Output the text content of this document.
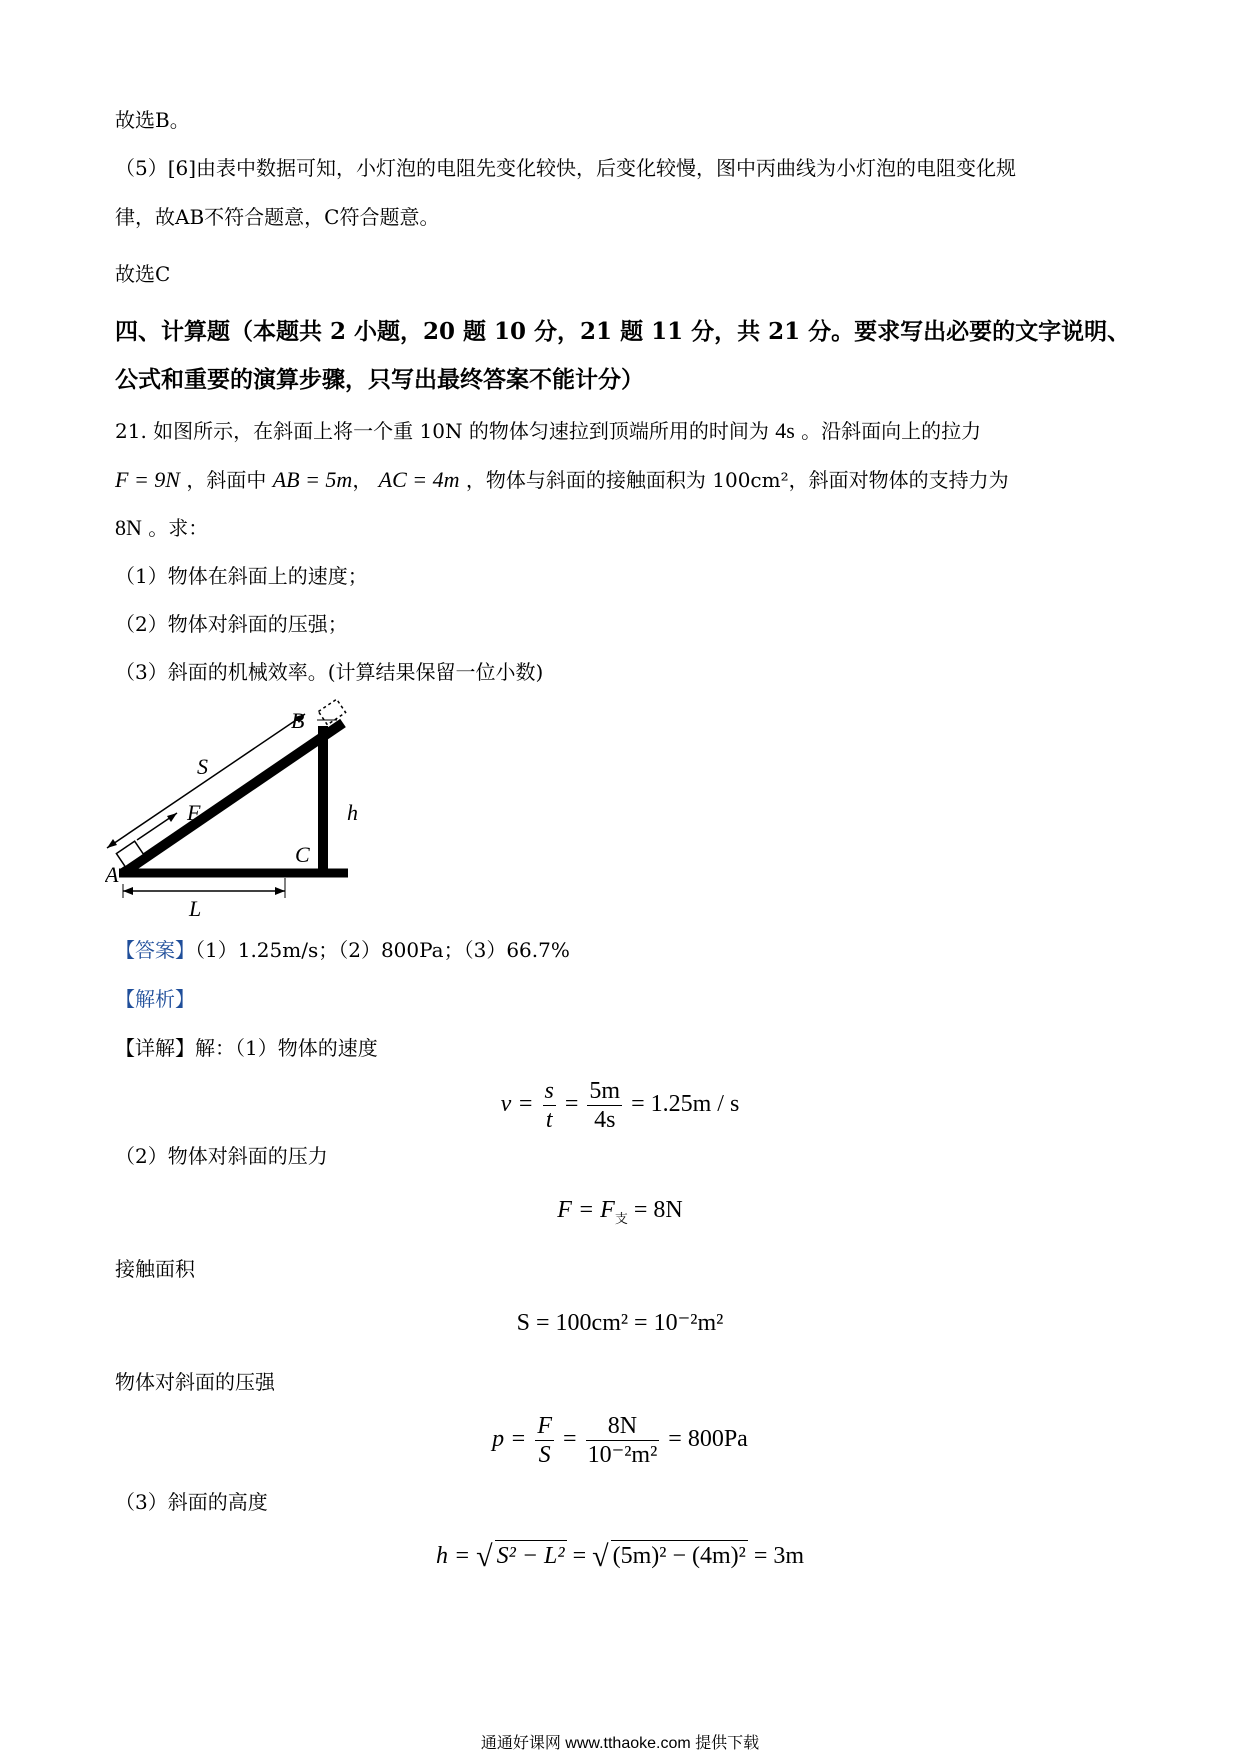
故选B。
（5）[6]由表中数据可知，小灯泡的电阻先变化较快，后变化较慢，图中丙曲线为小灯泡的电阻变化规
律，故AB不符合题意，C符合题意。
故选C
四、计算题（本题共 2 小题，20 题 10 分，21 题 11 分，共 21 分。要求写出必要的文字说明、
公式和重要的演算步骤，只写出最终答案不能计分）
21. 如图所示，在斜面上将一个重 10N 的物体匀速拉到顶端所用的时间为 4s 。沿斜面向上的拉力
F = 9N ，斜面中 AB = 5m， AC = 4m ，物体与斜面的接触面积为 100cm²，斜面对物体的支持力为
8N 。求：
（1）物体在斜面上的速度；
（2）物体对斜面的压强；
（3）斜面的机械效率。(计算结果保留一位小数)
A
B
C
S
F	h
L
【答案】（1）1.25m/s；（2）800Pa；（3）66.7%
【解析】
【详解】解：（1）物体的速度
$v = \frac{s}{t} = \frac{5m}{4s} = 1.25m / s$
（2）物体对斜面的压力
$F = F_支 = 8N$
接触面积
S = 100cm² = 10⁻²m²
物体对斜面的压强
$p = \frac{F}{S} = \frac{8N}{\text{10⁻²m²}} = 800Pa$
（3）斜面的高度
h = √ S² − L² = √ (5m)² − (4m)² = 3m
通通好课网 www.tthaoke.com 提供下载
